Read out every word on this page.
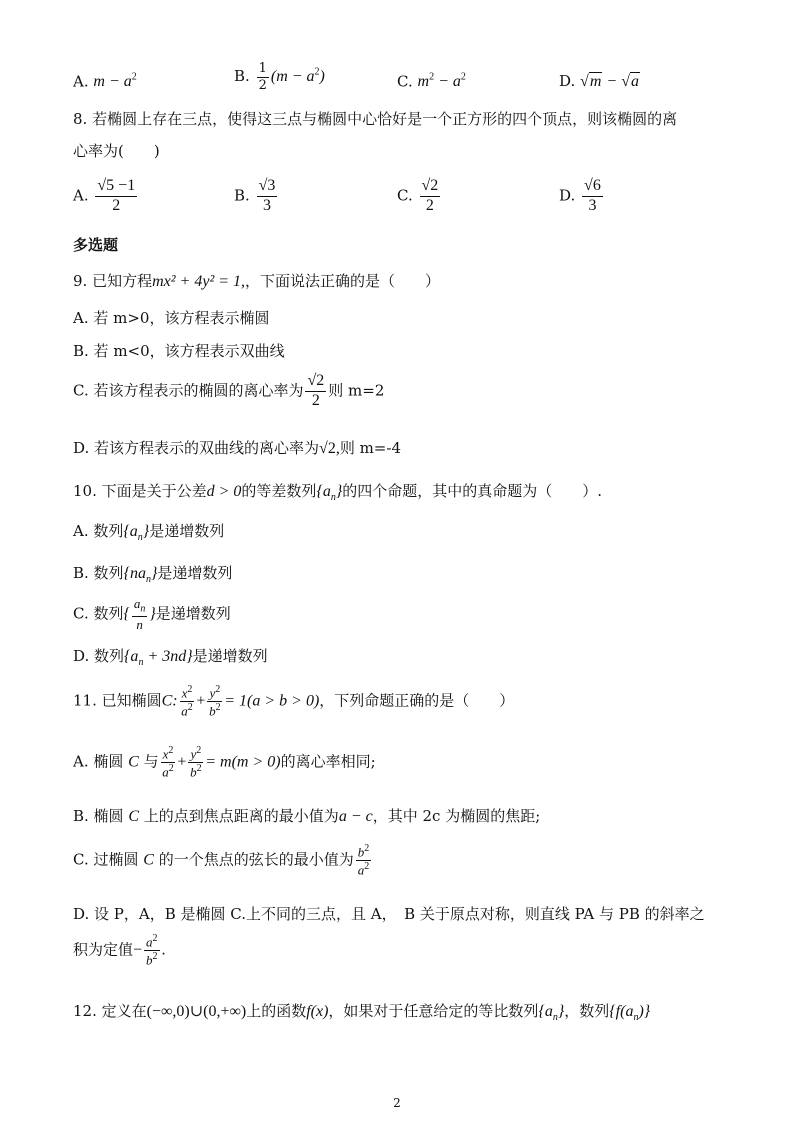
A. $m - a^2$	B. $\frac{1}{2} (m - a^2)$	C. $m^2 - a^2$	D. √m − √a
8. 若椭圆上存在三点，使得这三点与椭圆中心恰好是一个正方形的四个顶点，则该椭圆的离
心率为(　　)
A. $\frac{√5 -1}{2}$	B. $\frac{√3}{3}$	C. $\frac{√2}{2}$	D. $\frac{√6}{3}$
多选题
9. 已知方程mx² + 4y² = 1,，下面说法正确的是（　　）
A. 若 m>0，该方程表示椭圆
B. 若 m<0，该方程表示双曲线
C. 若该方程表示的椭圆的离心率为 $\frac{√2}{2}$ 则 m=2
D. 若该方程表示的双曲线的离心率为√2,则 m=-4
10. 下面是关于公差d > 0的等差数列$\{a_n\}$的四个命题，其中的真命题为（　　）.
A. 数列$\{a_n\}$是递增数列
B. 数列$\{na_n\}$是递增数列
C. 数列{ $\frac{a_n}{n}$ }是递增数列
D. 数列$\{a_n + 3nd\}$是递增数列
11. 已知椭圆C: $\frac{x^2}{a^2} + \frac{y^2}{b^2} = 1(a > b > 0)$，下列命题正确的是（　　）
A. 椭圆 C 与 $\frac{x^2}{a^2} + \frac{y^2}{b^2} = m(m > 0)$的离心率相同;
B. 椭圆 C 上的点到焦点距离的最小值为a − c，其中 2c 为椭圆的焦距;
C. 过椭圆 C 的一个焦点的弦长的最小值为 $\frac{b^2}{a^2}$
D. 设 P，A，B 是椭圆 C.上不同的三点，且 A，　B 关于原点对称，则直线 PA 与 PB 的斜率之
积为定值− $\frac{a^2}{b^2}$ .
12. 定义在(−∞,0)∪(0,+∞)上的函数f(x)，如果对于任意给定的等比数列$\{a_n\}$，数列$\{f(a_n)\}$
2
